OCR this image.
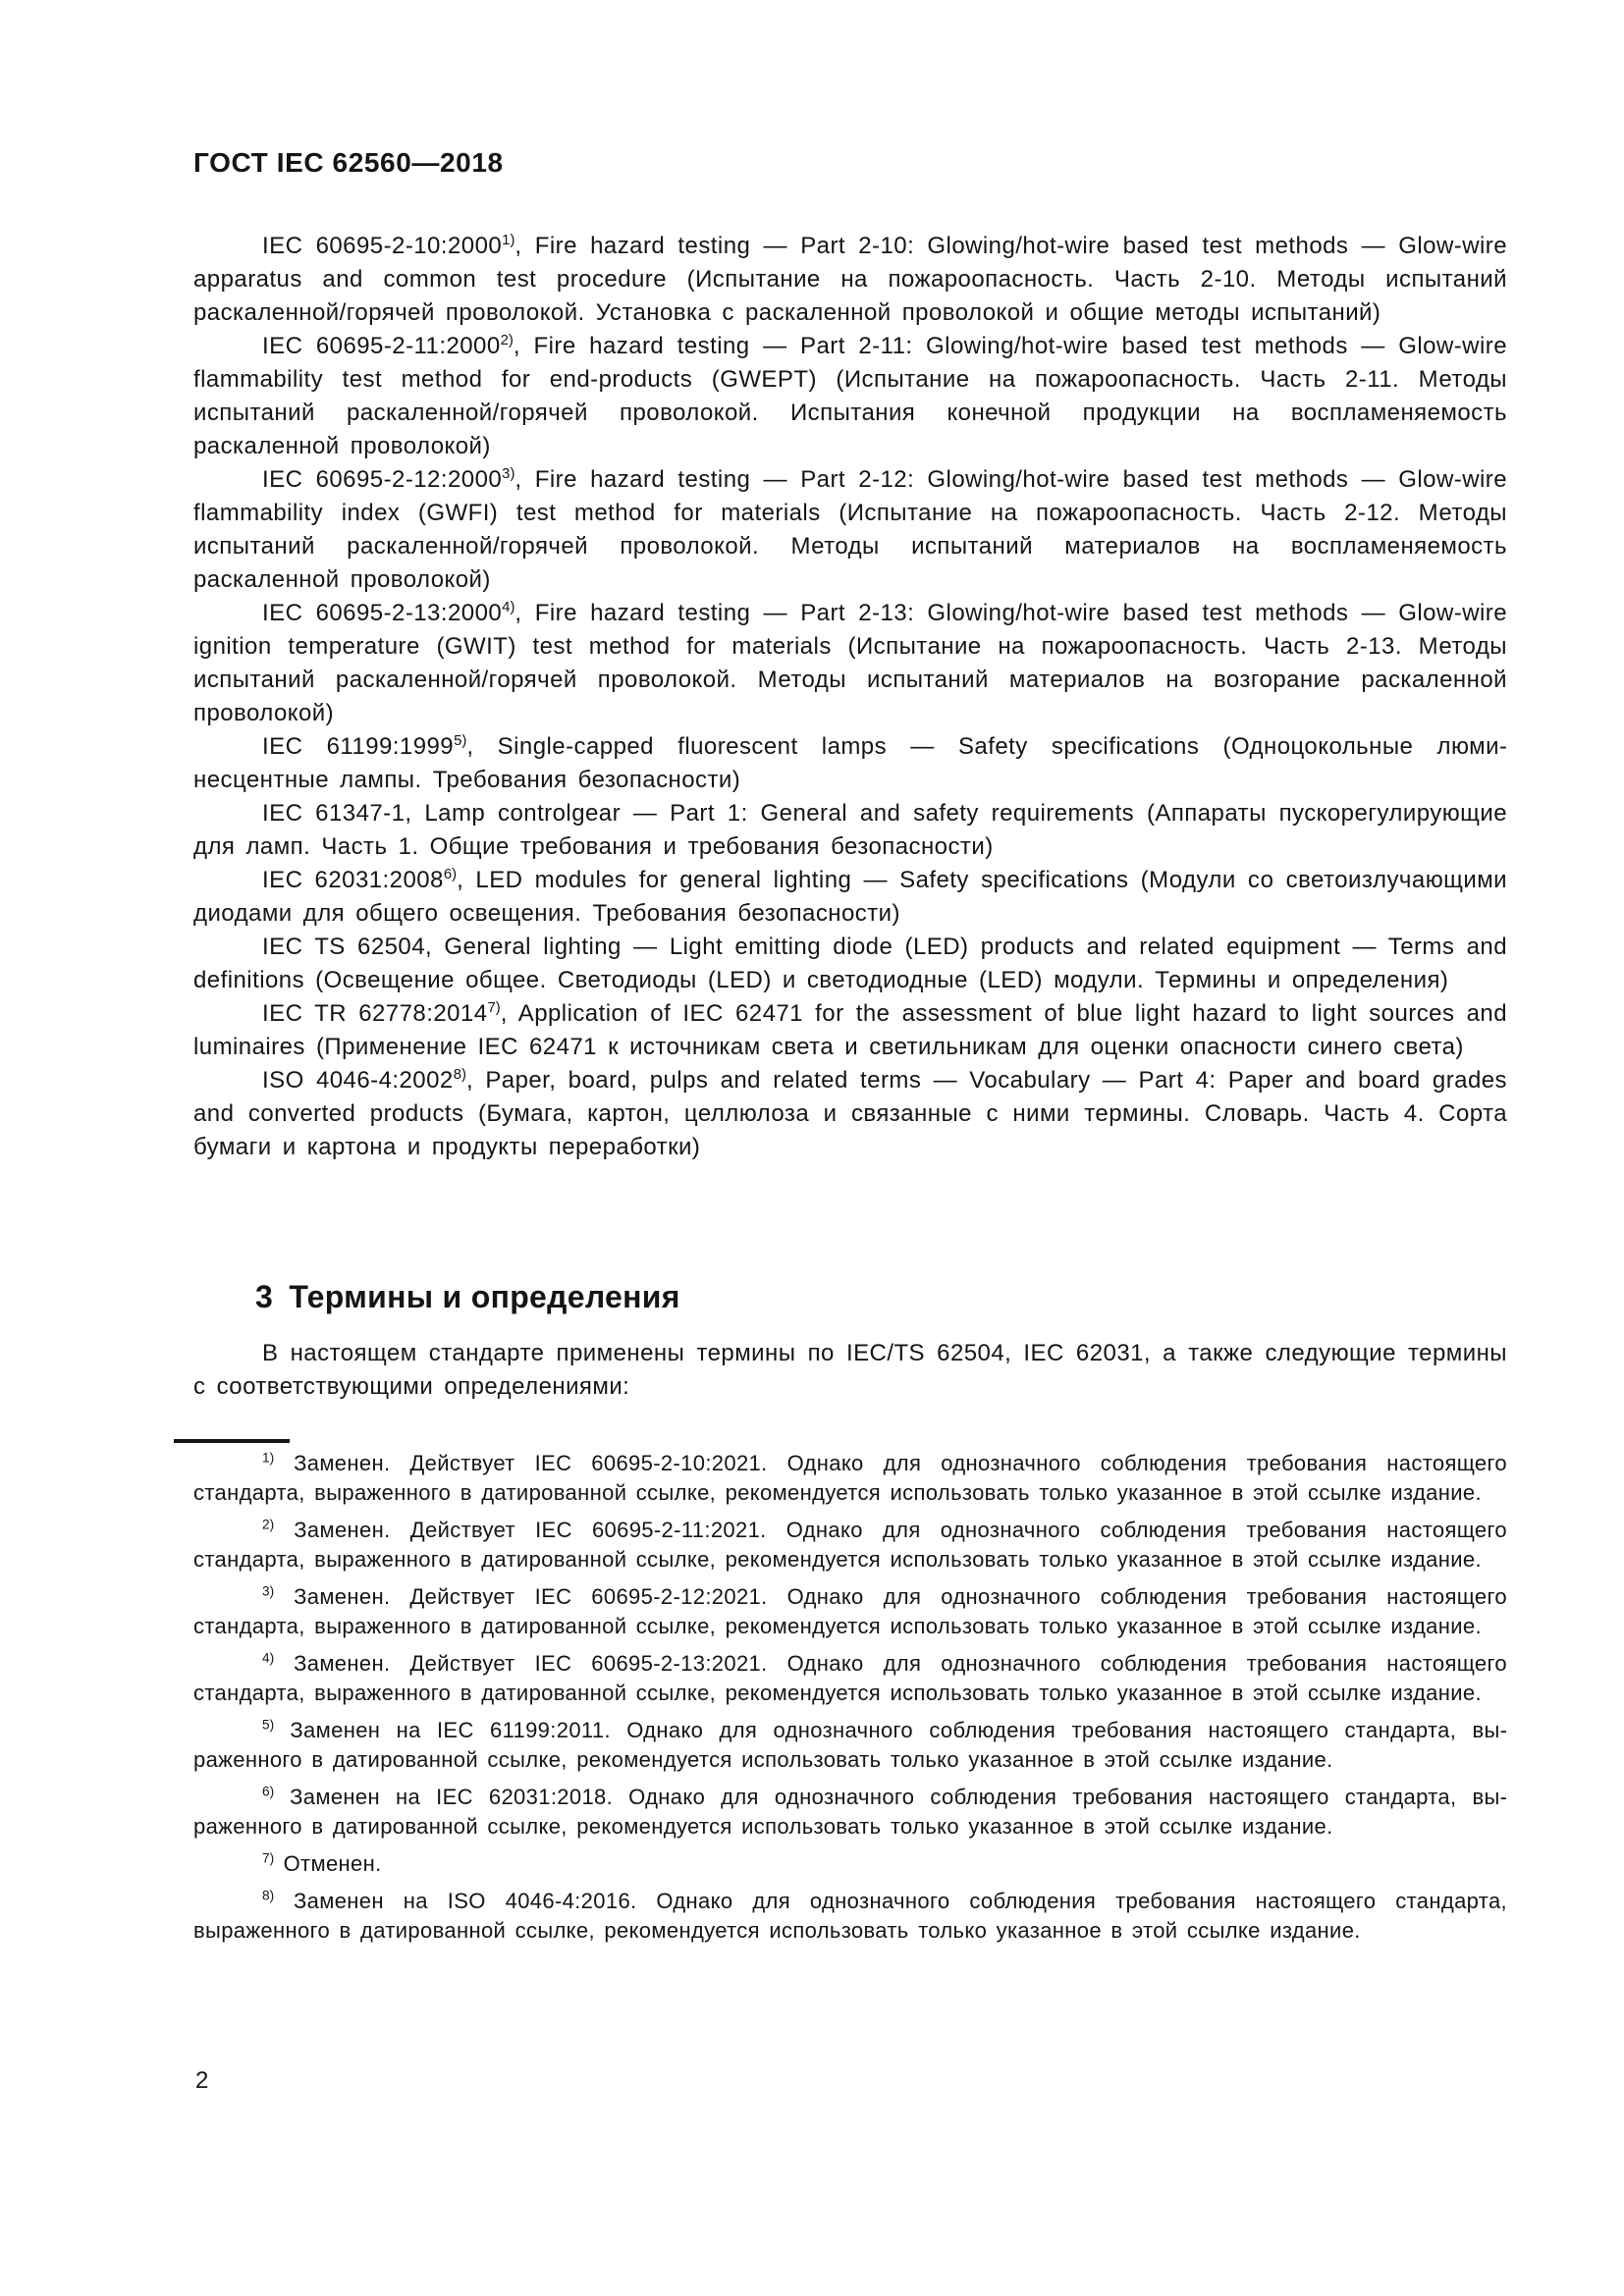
ГОСТ IEC 62560—2018

IEC 60695-2-10:2000$^{1)}$, Fire hazard testing — Part 2-10: Glowing/hot-wire based test methods — Glow-wire apparatus and common test procedure (Испытание на пожароопасность. Часть 2-10. Методы испытаний раскаленной/горячей проволокой. Установка с раскаленной проволокой и общие методы испытаний)

IEC 60695-2-11:2000$^{2)}$, Fire hazard testing — Part 2-11: Glowing/hot-wire based test methods — Glow-wire flammability test method for end-products (GWEPT) (Испытание на пожароопасность. Часть 2-11. Методы испытаний раскаленной/горячей проволокой. Испытания конечной продукции на воспламеняемость раскаленной проволокой)

IEC 60695-2-12:2000$^{3)}$, Fire hazard testing — Part 2-12: Glowing/hot-wire based test methods — Glow-wire flammability index (GWFI) test method for materials (Испытание на пожароопасность. Часть 2-12. Методы испытаний раскаленной/горячей проволокой. Методы испытаний материалов на воспламеняемость раскаленной проволокой)

IEC 60695-2-13:2000$^{4)}$, Fire hazard testing — Part 2-13: Glowing/hot-wire based test methods — Glow-wire ignition temperature (GWIT) test method for materials (Испытание на пожароопасность. Часть 2-13. Методы испытаний раскаленной/горячей проволокой. Методы испытаний материалов на возгорание раскаленной проволокой)

IEC 61199:1999$^{5)}$, Single-capped fluorescent lamps — Safety specifications (Одноцокольные люминесцентные лампы. Требования безопасности)

IEC 61347-1, Lamp controlgear — Part 1: General and safety requirements (Аппараты пускорегулирующие для ламп. Часть 1. Общие требования и требования безопасности)

IEC 62031:2008$^{6)}$, LED modules for general lighting — Safety specifications (Модули со светоизлучающими диодами для общего освещения. Требования безопасности)

IEC TS 62504, General lighting — Light emitting diode (LED) products and related equipment — Terms and definitions (Освещение общее. Светодиоды (LED) и светодиодные (LED) модули. Термины и определения)

IEC TR 62778:2014$^{7)}$, Application of IEC 62471 for the assessment of blue light hazard to light sources and luminaires (Применение IEC 62471 к источникам света и светильникам для оценки опасности синего света)

ISO 4046-4:2002$^{8)}$, Paper, board, pulps and related terms — Vocabulary — Part 4: Paper and board grades and converted products (Бумага, картон, целлюлоза и связанные с ними термины. Словарь. Часть 4. Сорта бумаги и картона и продукты переработки)

3 Термины и определения

В настоящем стандарте применены термины по IEC/TS 62504, IEC 62031, а также следующие термины с соответствующими определениями:

$^{1)}$ Заменен. Действует IEC 60695-2-10:2021. Однако для однозначного соблюдения требования настоящего стандарта, выраженного в датированной ссылке, рекомендуется использовать только указанное в этой ссылке издание.

$^{2)}$ Заменен. Действует IEC 60695-2-11:2021. Однако для однозначного соблюдения требования настоящего стандарта, выраженного в датированной ссылке, рекомендуется использовать только указанное в этой ссылке издание.

$^{3)}$ Заменен. Действует IEC 60695-2-12:2021. Однако для однозначного соблюдения требования настоящего стандарта, выраженного в датированной ссылке, рекомендуется использовать только указанное в этой ссылке издание.

$^{4)}$ Заменен. Действует IEC 60695-2-13:2021. Однако для однозначного соблюдения требования настоящего стандарта, выраженного в датированной ссылке, рекомендуется использовать только указанное в этой ссылке издание.

$^{5)}$ Заменен на IEC 61199:2011. Однако для однозначного соблюдения требования настоящего стандарта, выраженного в датированной ссылке, рекомендуется использовать только указанное в этой ссылке издание.

$^{6)}$ Заменен на IEC 62031:2018. Однако для однозначного соблюдения требования настоящего стандарта, выраженного в датированной ссылке, рекомендуется использовать только указанное в этой ссылке издание.

$^{7)}$ Отменен.

$^{8)}$ Заменен на ISO 4046-4:2016. Однако для однозначного соблюдения требования настоящего стандарта, выраженного в датированной ссылке, рекомендуется использовать только указанное в этой ссылке издание.

2
